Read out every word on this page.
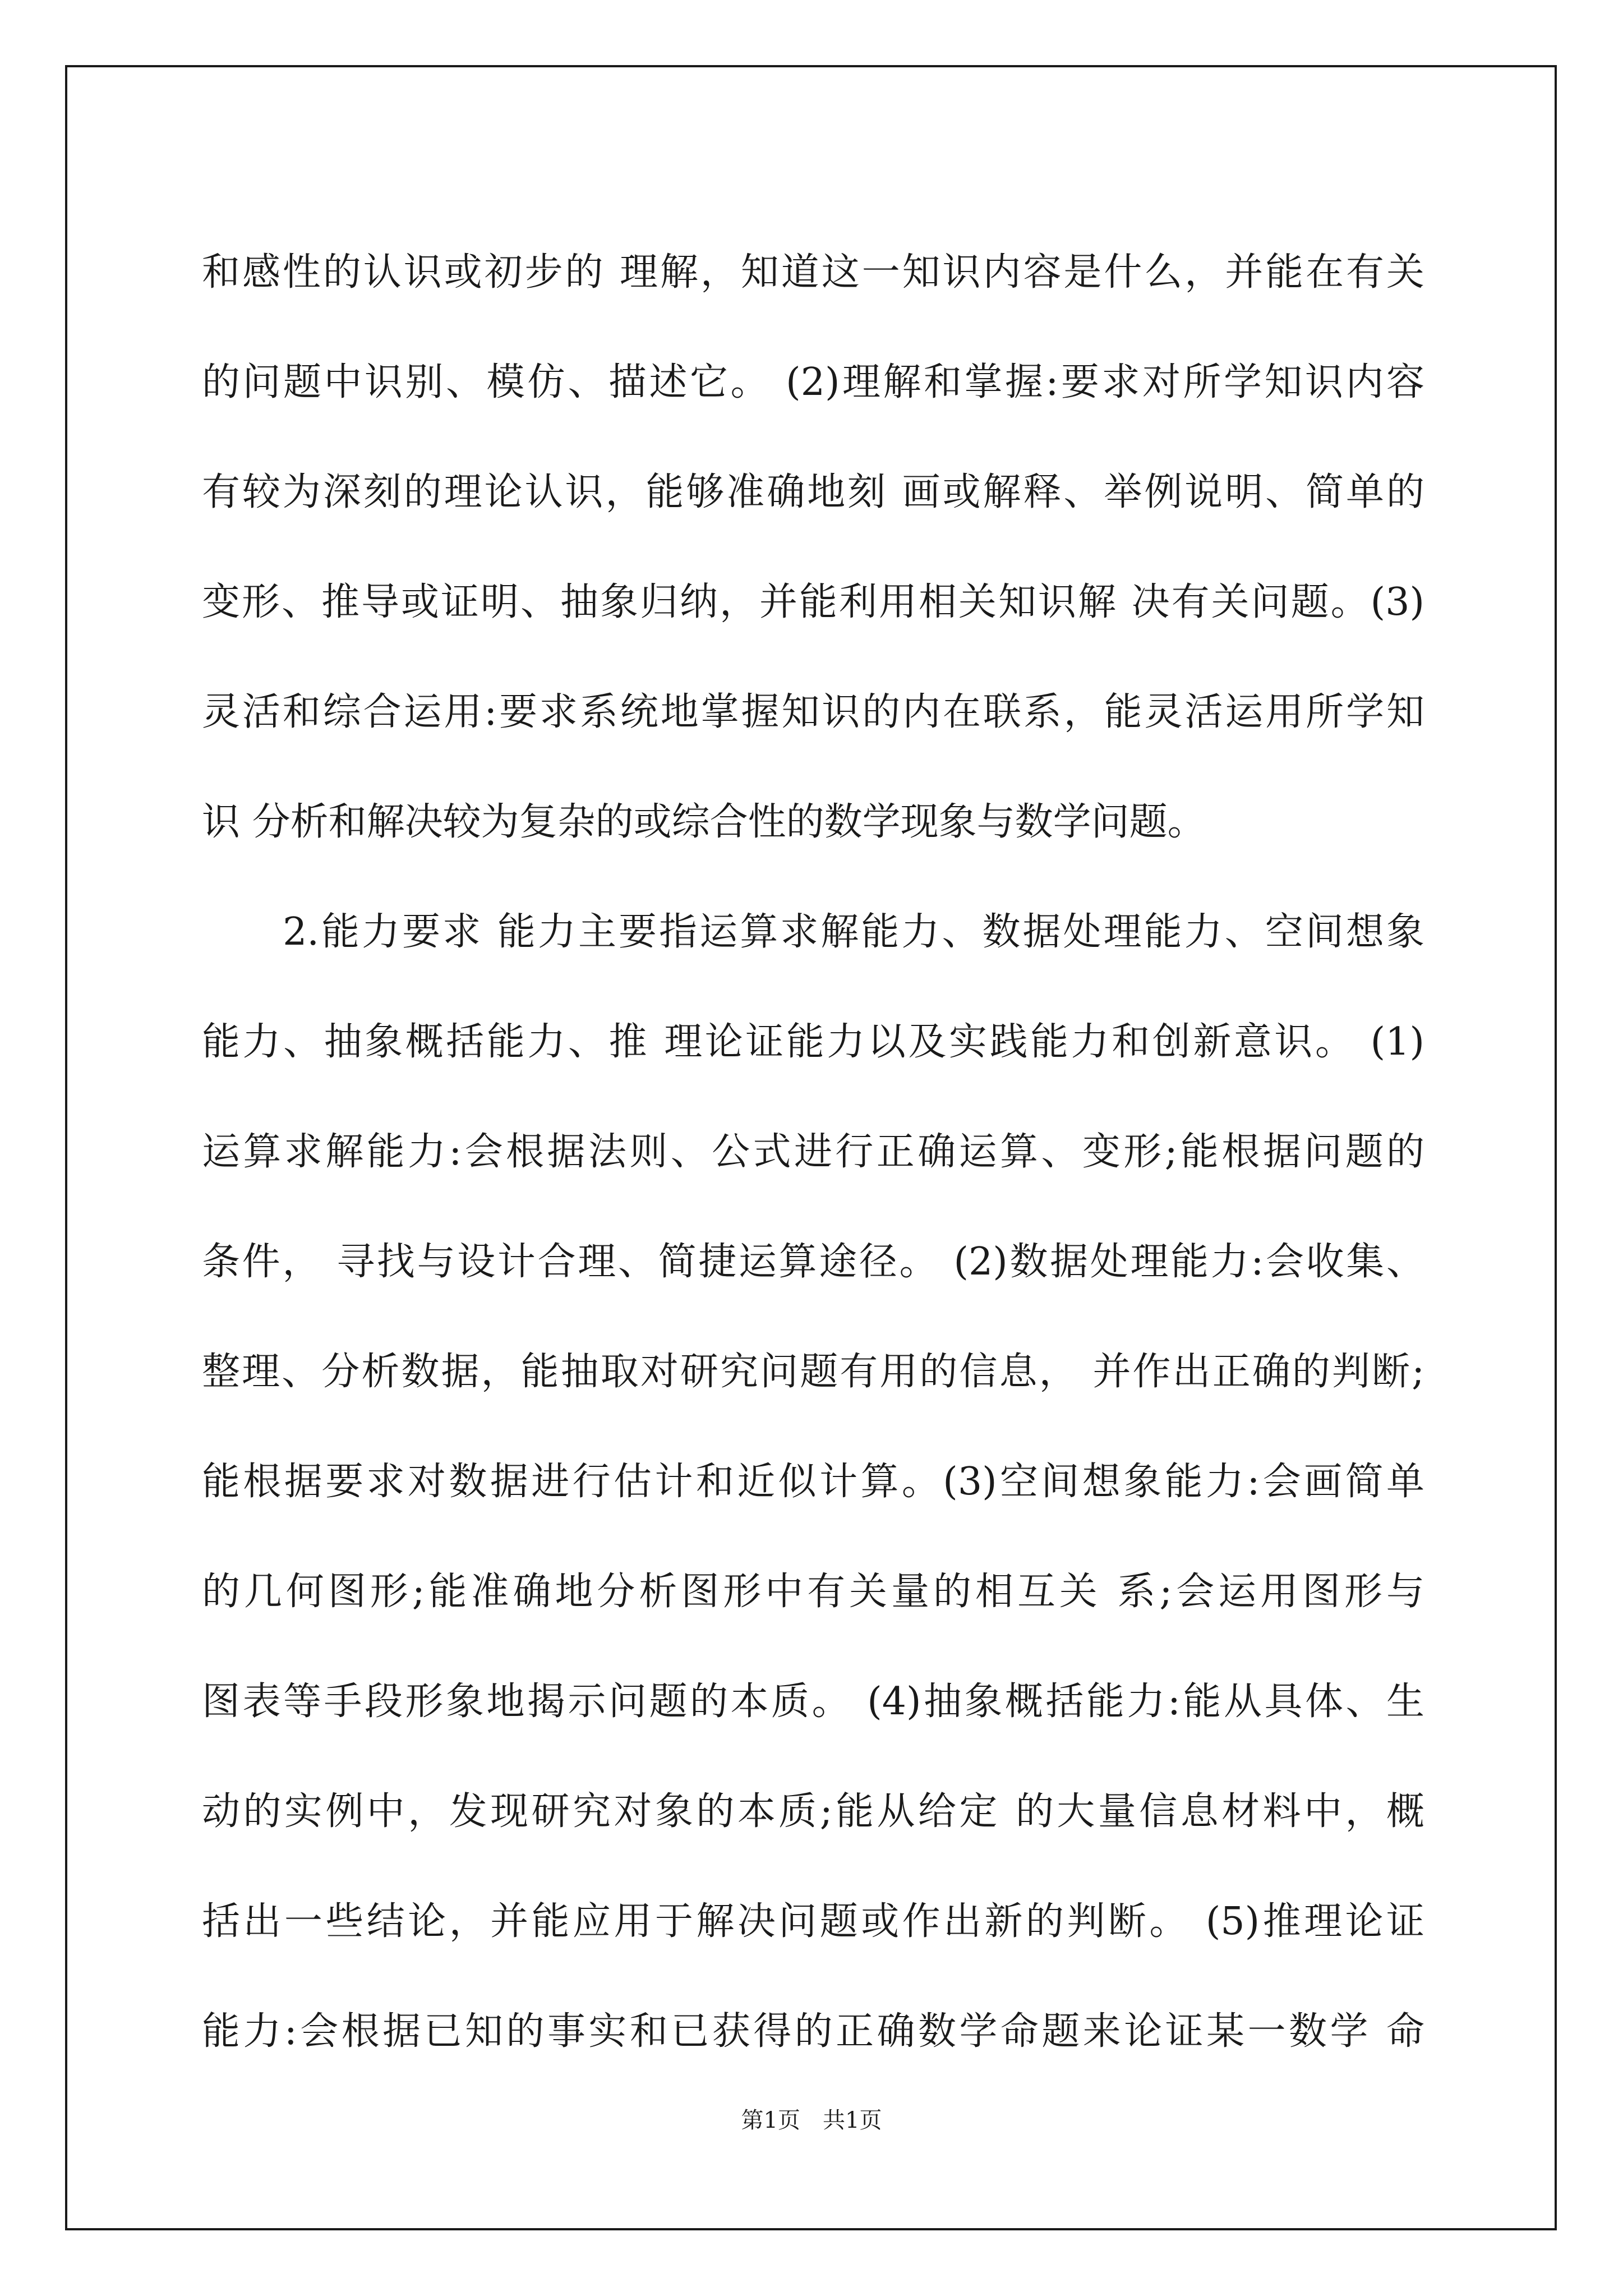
和感性的认识或初步的 理解，知道这一知识内容是什么，并能在有关
的问题中识别、模仿、描述它。 (2)理解和掌握:要求对所学知识内容
有较为深刻的理论认识，能够准确地刻 画或解释、举例说明、简单的
变形、推导或证明、抽象归纳，并能利用相关知识解 决有关问题。(3)
灵活和综合运用:要求系统地掌握知识的内在联系，能灵活运用所学知
识 分析和解决较为复杂的或综合性的数学现象与数学问题。
　　2.能力要求 能力主要指运算求解能力、数据处理能力、空间想象
能力、抽象概括能力、推 理论证能力以及实践能力和创新意识。 (1)
运算求解能力:会根据法则、公式进行正确运算、变形;能根据问题的
条件， 寻找与设计合理、简捷运算途径。 (2)数据处理能力:会收集、
整理、分析数据，能抽取对研究问题有用的信息， 并作出正确的判断;
能根据要求对数据进行估计和近似计算。(3)空间想象能力:会画简单
的几何图形;能准确地分析图形中有关量的相互关 系;会运用图形与
图表等手段形象地揭示问题的本质。 (4)抽象概括能力:能从具体、生
动的实例中，发现研究对象的本质;能从给定 的大量信息材料中，概
括出一些结论，并能应用于解决问题或作出新的判断。 (5)推理论证
能力:会根据已知的事实和已获得的正确数学命题来论证某一数学 命
第1页　共1页
